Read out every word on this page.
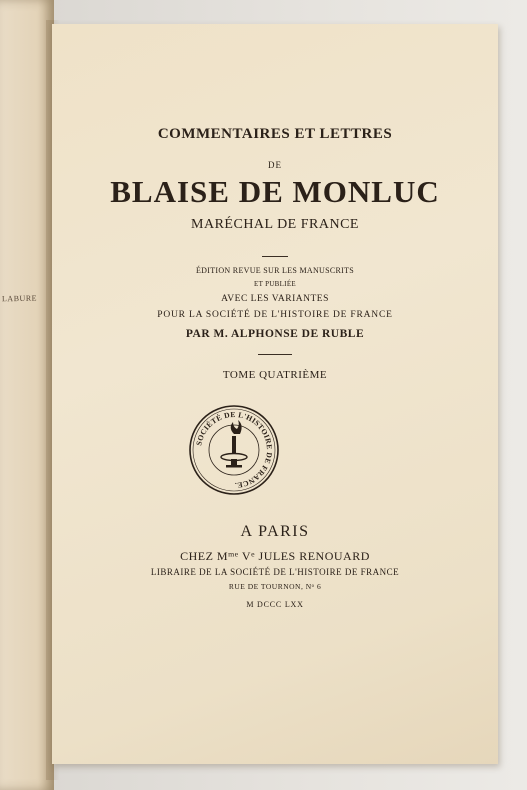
LABURE
COMMENTAIRES ET LETTRES
DE
BLAISE DE MONLUC
MARÉCHAL DE FRANCE
ÉDITION REVUE SUR LES MANUSCRITS
ET PUBLIÉE
AVEC LES VARIANTES
POUR LA SOCIÉTÉ DE L'HISTOIRE DE FRANCE
PAR M. ALPHONSE DE RUBLE
TOME QUATRIÈME
SOCIÉTÉ DE L'HISTOIRE DE FRANCE.
A PARIS
CHEZ $M^{me}$ Ve JULES RENOUARD
LIBRAIRE DE LA SOCIÉTÉ DE L'HISTOIRE DE FRANCE
RUE DE TOURNON, $N^o$ 6
M DCCC LXX
